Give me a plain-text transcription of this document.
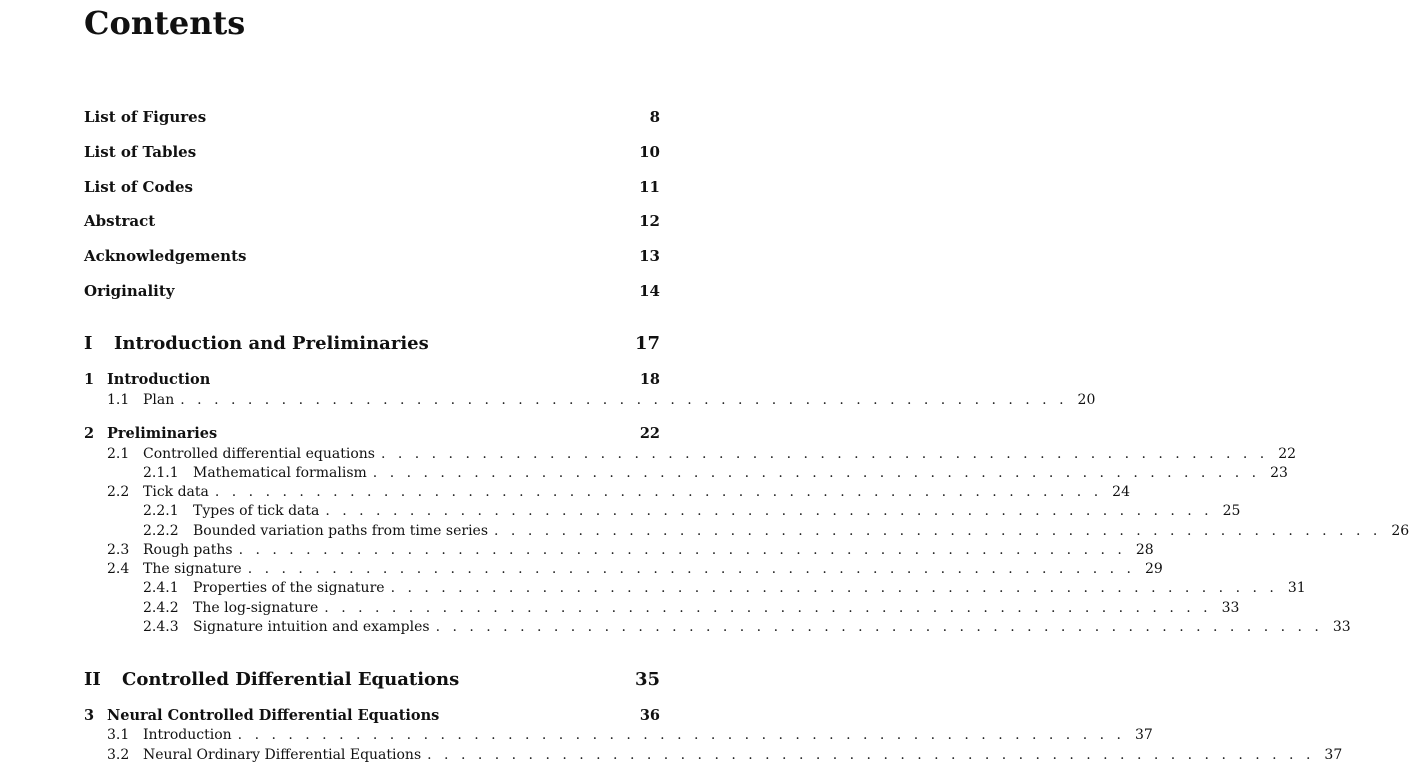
Contents
List of Figures	8
List of Tables	10
List of Codes	11
Abstract	12
Acknowledgements	13
Originality	14
I Introduction and Preliminaries	17
1 Introduction	18
1.1 Plan . . . . . . . . . . . . . . . . . . . . . . . . . . . . . . . . . . . . . . . . . . . . . . . . . . . . . 20
2 Preliminaries	22
2.1 Controlled differential equations . . . . . . . . . . . . . . . . . . . . . . . . . . . . . . . . . . . . . . . . . . . . . . . . . . . . . 22
2.1.1 Mathematical formalism . . . . . . . . . . . . . . . . . . . . . . . . . . . . . . . . . . . . . . . . . . . . . . . . . . . . . 23
2.2 Tick data . . . . . . . . . . . . . . . . . . . . . . . . . . . . . . . . . . . . . . . . . . . . . . . . . . . . . 24
2.2.1 Types of tick data . . . . . . . . . . . . . . . . . . . . . . . . . . . . . . . . . . . . . . . . . . . . . . . . . . . . . 25
2.2.2 Bounded variation paths from time series . . . . . . . . . . . . . . . . . . . . . . . . . . . . . . . . . . . . . . . . . . . . . . . . . . . . . 26
2.3 Rough paths . . . . . . . . . . . . . . . . . . . . . . . . . . . . . . . . . . . . . . . . . . . . . . . . . . . . . 28
2.4 The signature . . . . . . . . . . . . . . . . . . . . . . . . . . . . . . . . . . . . . . . . . . . . . . . . . . . . . 29
2.4.1 Properties of the signature . . . . . . . . . . . . . . . . . . . . . . . . . . . . . . . . . . . . . . . . . . . . . . . . . . . . . 31
2.4.2 The log-signature . . . . . . . . . . . . . . . . . . . . . . . . . . . . . . . . . . . . . . . . . . . . . . . . . . . . . 33
2.4.3 Signature intuition and examples . . . . . . . . . . . . . . . . . . . . . . . . . . . . . . . . . . . . . . . . . . . . . . . . . . . . . 33
II Controlled Differential Equations	35
3 Neural Controlled Differential Equations	36
3.1 Introduction . . . . . . . . . . . . . . . . . . . . . . . . . . . . . . . . . . . . . . . . . . . . . . . . . . . . . 37
3.2 Neural Ordinary Differential Equations . . . . . . . . . . . . . . . . . . . . . . . . . . . . . . . . . . . . . . . . . . . . . . . . . . . . . 37
